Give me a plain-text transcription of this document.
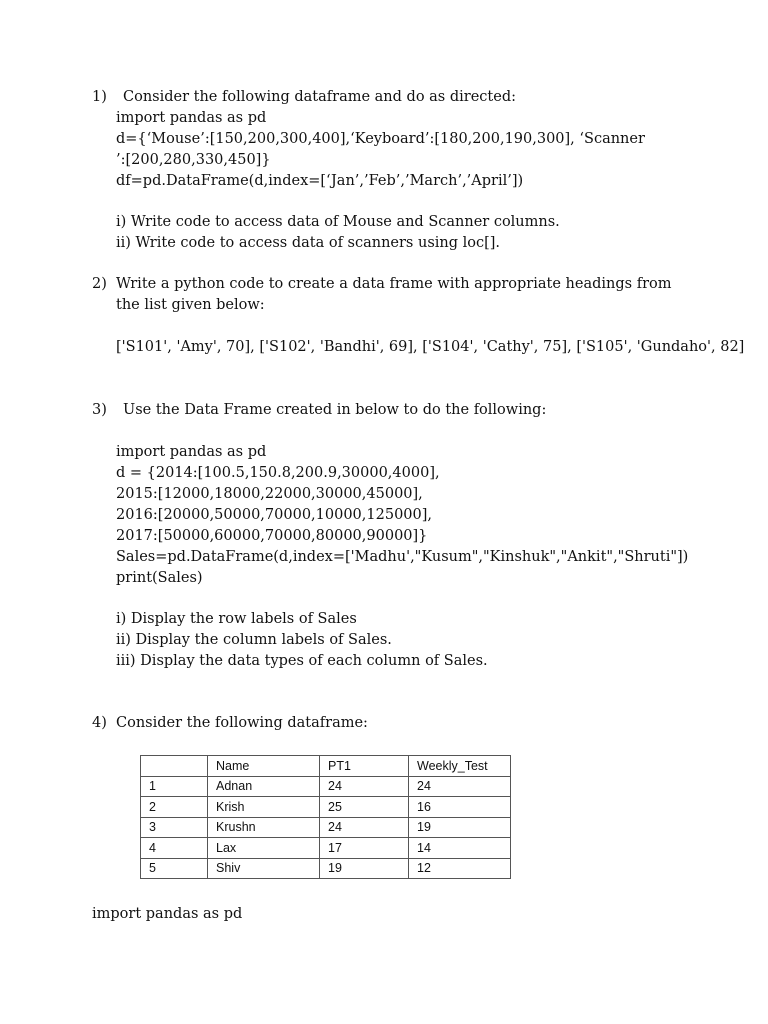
1) Consider the following dataframe and do as directed:
import pandas as pd
d={‘Mouse’:[150,200,300,400],‘Keyboard’:[180,200,190,300], ‘Scanner
’:[200,280,330,450]}
df=pd.DataFrame(d,index=[‘Jan’,’Feb’,’March’,’April’])
i) Write code to access data of Mouse and Scanner columns.
ii) Write code to access data of scanners using loc[].
2) Write a python code to create a data frame with appropriate headings from
the list given below:
['S101', 'Amy', 70], ['S102', 'Bandhi', 69], ['S104', 'Cathy', 75], ['S105', 'Gundaho', 82]
3) Use the Data Frame created in below to do the following:
import pandas as pd
d = {2014:[100.5,150.8,200.9,30000,4000],
2015:[12000,18000,22000,30000,45000],
2016:[20000,50000,70000,10000,125000],
2017:[50000,60000,70000,80000,90000]}
Sales=pd.DataFrame(d,index=['Madhu',"Kusum","Kinshuk","Ankit","Shruti"])
print(Sales)
i) Display the row labels of Sales
ii) Display the column labels of Sales.
iii) Display the data types of each column of Sales.
4) Consider the following dataframe:
	Name	PT1	Weekly_Test
1	Adnan	24	24
2	Krish	25	16
3	Krushn	24	19
4	Lax	17	14
5	Shiv	19	12
import pandas as pd
